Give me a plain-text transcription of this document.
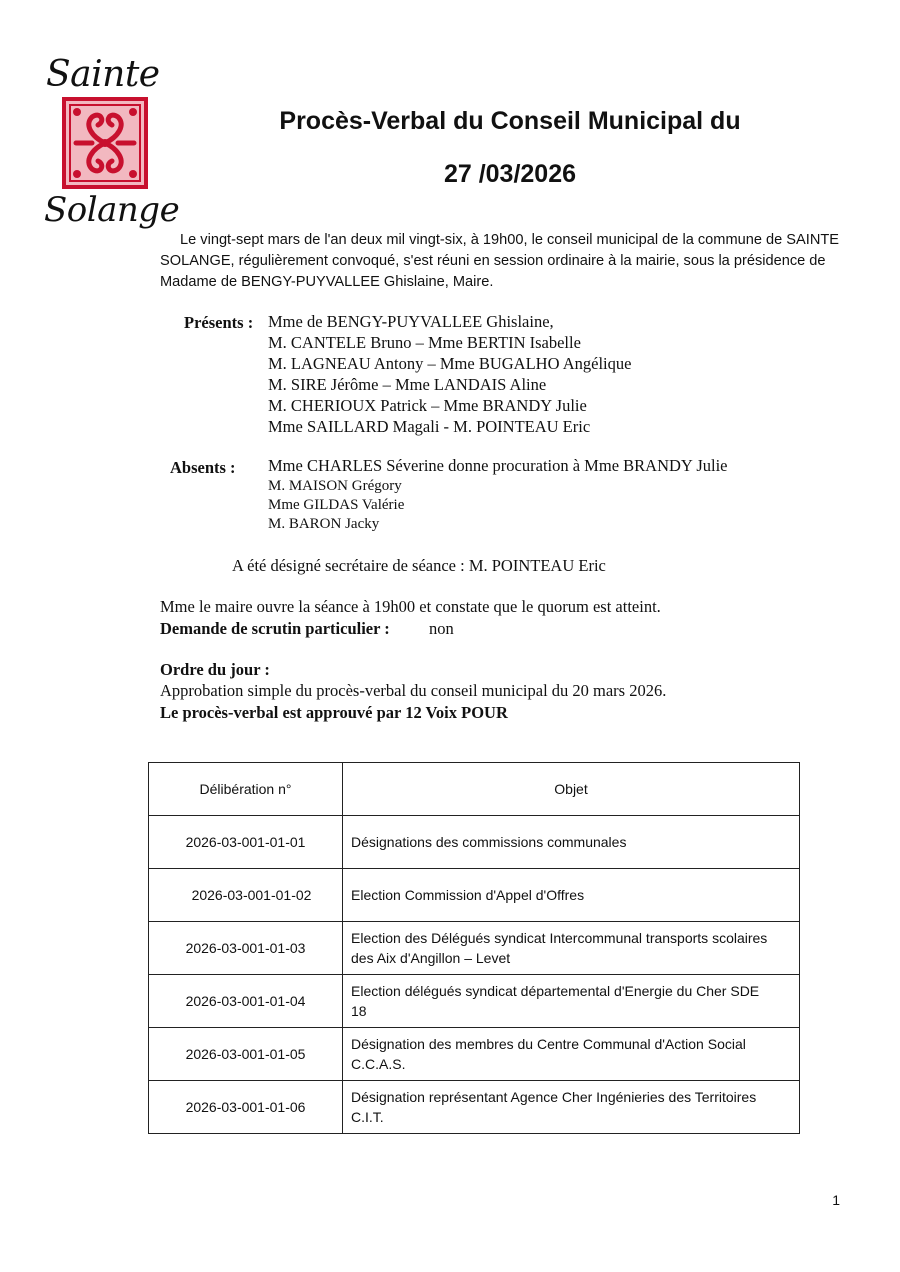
Sainte
Solange
Procès-Verbal du Conseil Municipal du
27 /03/2026

Le vingt-sept mars de l'an deux mil vingt-six, à 19h00, le conseil municipal de la commune de SAINTE

SOLANGE, régulièrement convoqué, s'est réuni en session ordinaire à la mairie, sous la présidence de

Madame de BENGY-PUYVALLEE Ghislaine, Maire.

Présents : Mme de BENGY-PUYVALLEE Ghislaine,
M. CANTELE Bruno – Mme BERTIN Isabelle
M. LAGNEAU Antony – Mme BUGALHO Angélique
M. SIRE Jérôme – Mme LANDAIS Aline
M. CHERIOUX Patrick – Mme BRANDY Julie
Mme SAILLARD Magali - M. POINTEAU Eric
Absents : Mme CHARLES Séverine donne procuration à Mme BRANDY Julie
M. MAISON Grégory
Mme GILDAS Valérie
M. BARON Jacky
A été désigné secrétaire de séance : M. POINTEAU Eric
Mme le maire ouvre la séance à 19h00 et constate que le quorum est atteint.
Demande de scrutin particulier : non
Ordre du jour :
Approbation simple du procès-verbal du conseil municipal du 20 mars 2026.
Le procès-verbal est approuvé par 12 Voix POUR
Délibération n°	Objet
2026-03-001-01-01	Désignations des commissions communales

2026-03-001-01-02	Election Commission d'Appel d'Offres

2026-03-001-01-03	Election des Délégués syndicat Intercommunal transports scolaires
des Aix d'Angillon – Levet

2026-03-001-01-04	Election délégués syndicat départemental d'Energie du Cher SDE
18

2026-03-001-01-05	Désignation des membres du Centre Communal d'Action Social
C.C.A.S.

2026-03-001-01-06	Désignation représentant Agence Cher Ingénieries des Territoires
C.I.T.
1
